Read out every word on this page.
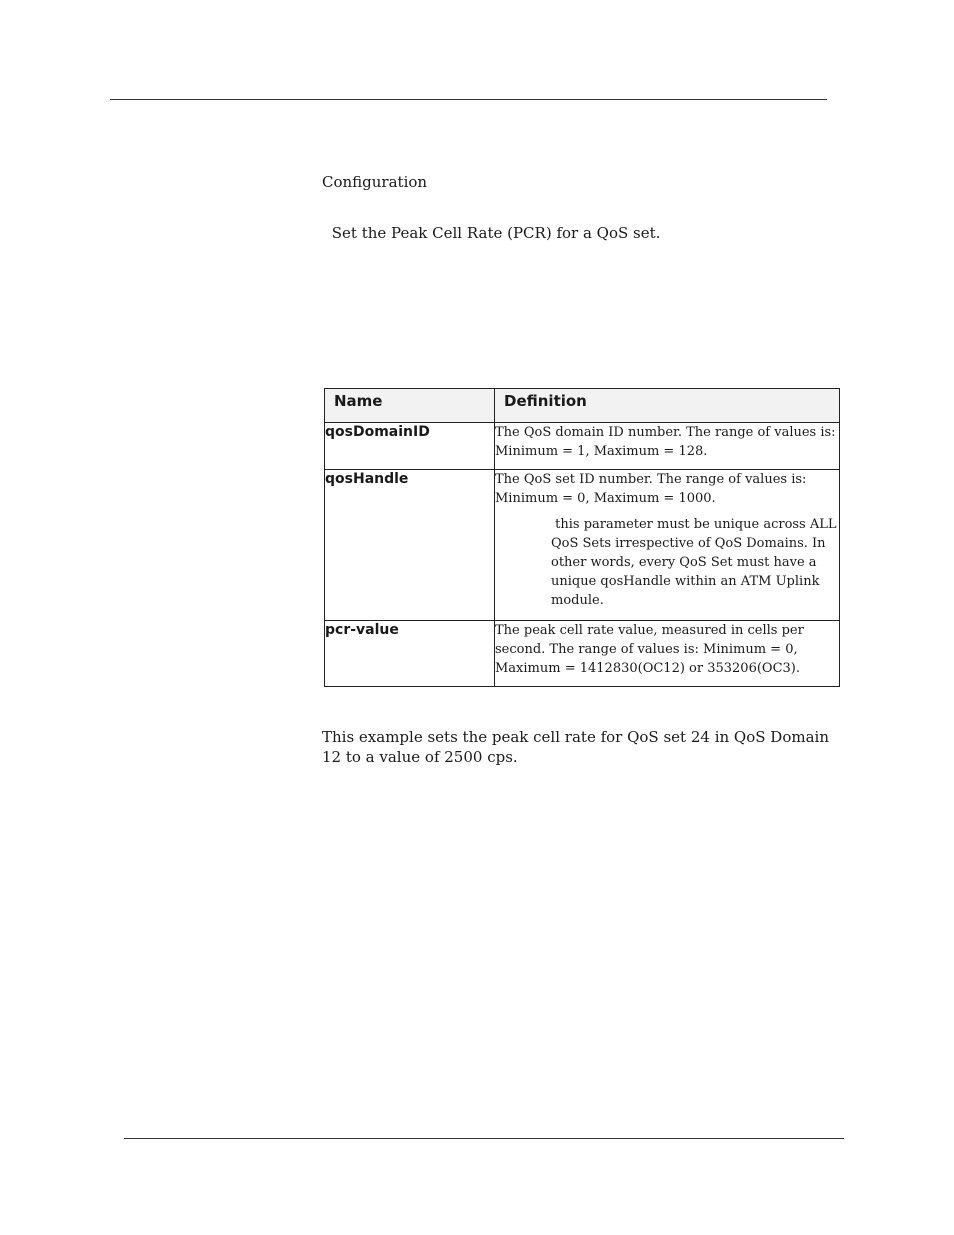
Configuration
Set the Peak Cell Rate (PCR) for a QoS set.
Name	Definition
qosDomainID	The QoS domain ID number. The range of values is: Minimum = 1, Maximum = 128.

qosHandle	The QoS set ID number. The range of values is: Minimum = 0, Maximum = 1000.
this parameter must be unique across ALL QoS Sets irrespective of QoS Domains. In other words, every QoS Set must have a unique qosHandle within an ATM Uplink module.

pcr-value	The peak cell rate value, measured in cells per second. The range of values is: Minimum = 0, Maximum = 1412830(OC12) or 353206(OC3).
This example sets the peak cell rate for QoS set 24 in QoS Domain 12 to a value of 2500 cps.
